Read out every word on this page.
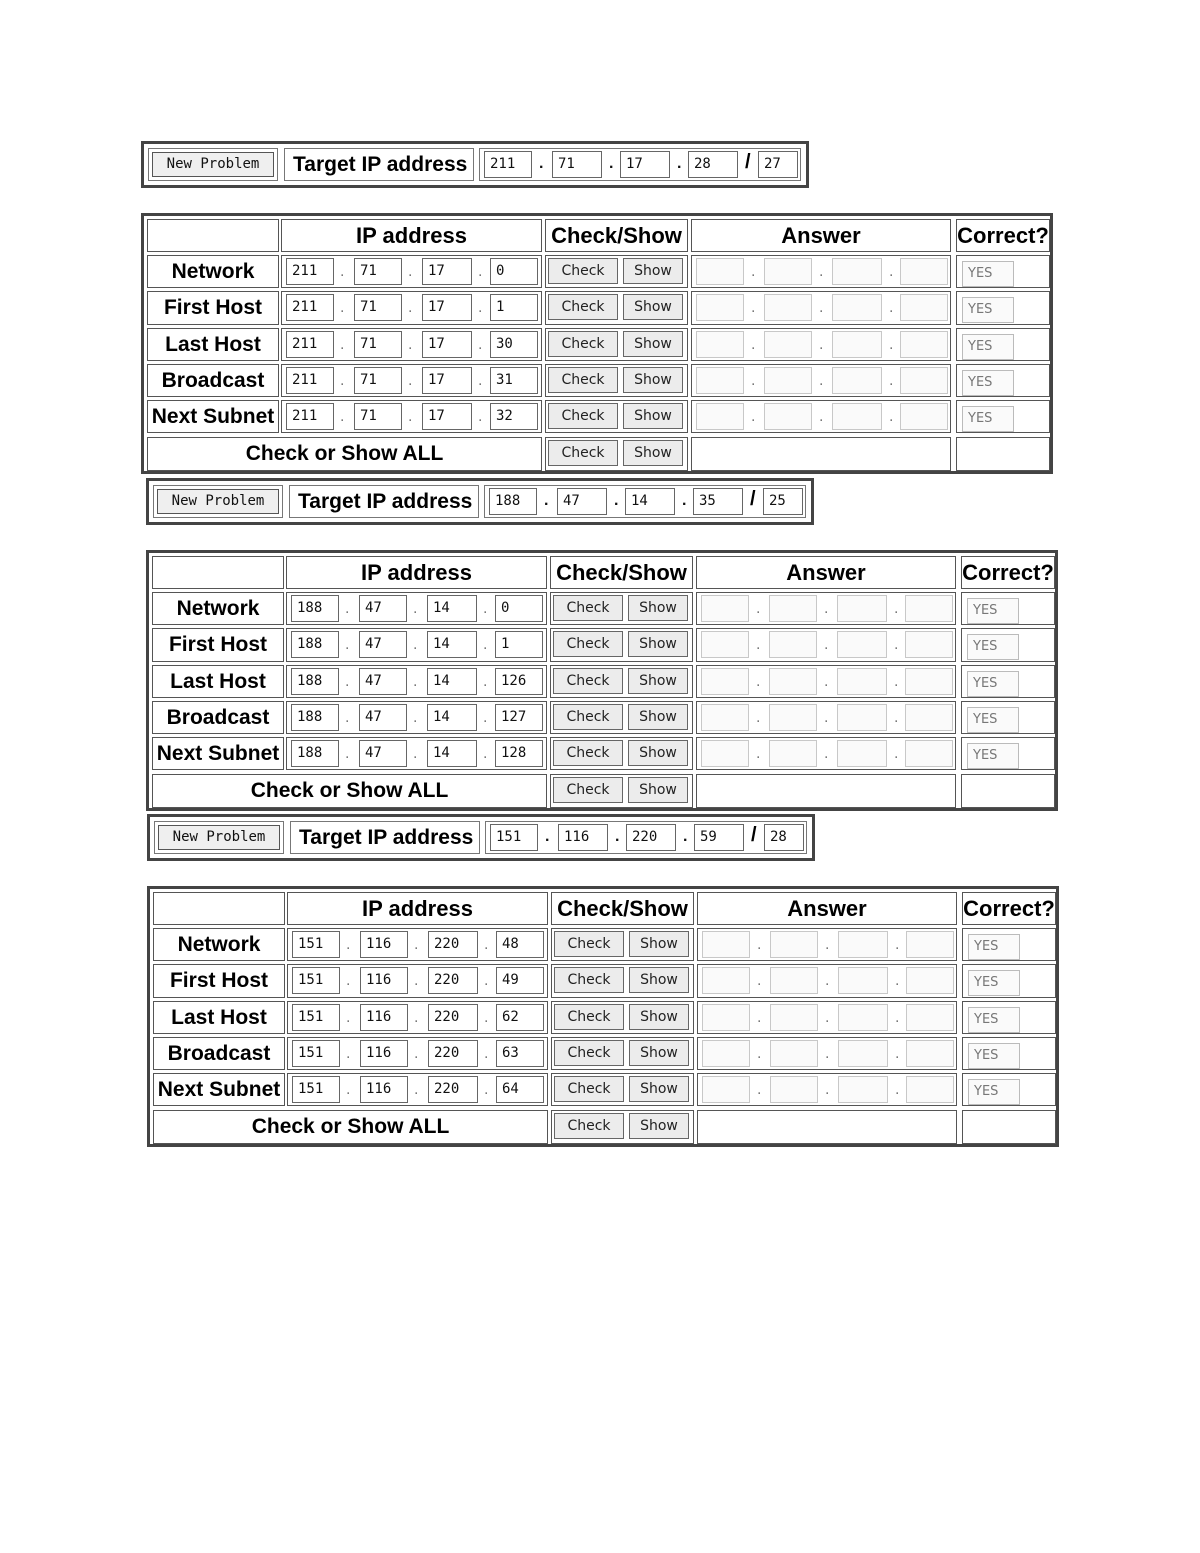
New Problem	Target IP address	211	.	71	. 17	. 28	/ 27
IP address	Check/Show	Answer	Correct?
Network	211	.	71	.	17	. 0	Check	Show	.	.	.	YES
First Host	211	.	71	.	17	. 1	Check	Show	.	.	.	YES
Last Host	211	.	71	.	17	. 30	Check	Show	.	.	.	YES
Broadcast	211	.	71	.	17	. 31	Check	Show	.	.	.	YES
Next Subnet	211	.	71	.	17	. 32	Check	Show	.	.	.	YES
Check or Show ALL	Check	Show
New Problem	Target IP address	188	.	47	. 14	. 35	/ 25
IP address	Check/Show	Answer	Correct?
Network	188	.	47	.	14	. 0	Check	Show	.	.	.	YES
First Host	188	.	47	.	14	. 1	Check	Show	.	.	.	YES
Last Host	188	.	47	.	14	. 126	Check	Show	.	.	.	YES
Broadcast	188	.	47	.	14	. 127	Check	Show	.	.	.	YES
Next Subnet	188	.	47	.	14	. 128	Check	Show	.	.	.	YES
Check or Show ALL	Check	Show
New Problem	Target IP address	151	.	116	. 220	. 59	/ 28
IP address	Check/Show	Answer	Correct?
Network	151	.	116	.	220	. 48	Check	Show	.	.	.	YES
First Host	151	.	116	.	220	. 49	Check	Show	.	.	.	YES
Last Host	151	.	116	.	220	. 62	Check	Show	.	.	.	YES
Broadcast	151	.	116	.	220	. 63	Check	Show	.	.	.	YES
Next Subnet	151	.	116	.	220	. 64	Check	Show	.	.	.	YES
Check or Show ALL	Check	Show
